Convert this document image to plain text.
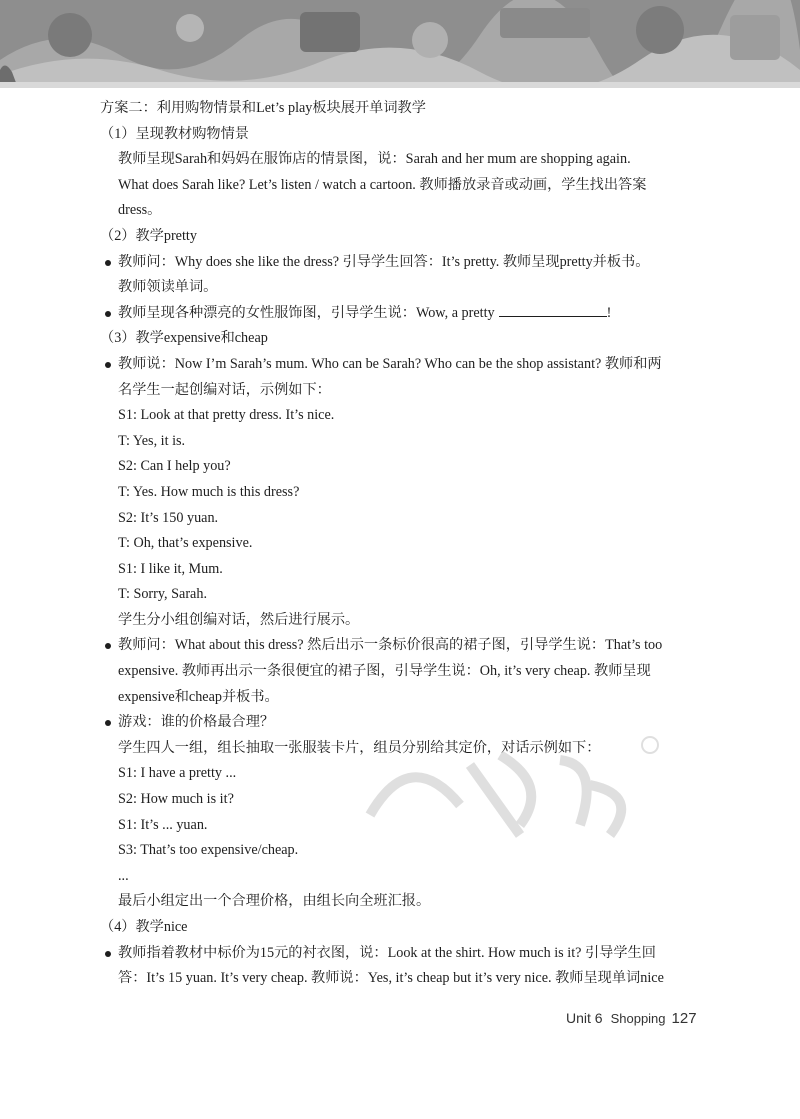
方案二：利用购物情景和Let’s play板块展开单词教学
（1）呈现教材购物情景
教师呈现Sarah和妈妈在服饰店的情景图，说：Sarah and her mum are shopping again.
What does Sarah like? Let’s listen / watch a cartoon. 教师播放录音或动画，学生找出答案
dress。
（2）教学pretty
教师问：Why does she like the dress? 引导学生回答：It’s pretty. 教师呈现pretty并板书。
教师领读单词。
教师呈现各种漂亮的女性服饰图，引导学生说：Wow, a pretty	!
（3）教学expensive和cheap
教师说：Now I’m Sarah’s mum. Who can be Sarah? Who can be the shop assistant? 教师和两
名学生一起创编对话，示例如下：
S1: Look at that pretty dress. It’s nice.
T: Yes, it is.
S2: Can I help you?
T: Yes. How much is this dress?
S2: It’s 150 yuan.
T: Oh, that’s expensive.
S1: I like it, Mum.
T: Sorry, Sarah.
学生分小组创编对话，然后进行展示。
教师问：What about this dress? 然后出示一条标价很高的裙子图，引导学生说：That’s too
expensive. 教师再出示一条很便宜的裙子图，引导学生说：Oh, it’s very cheap. 教师呈现
expensive和cheap并板书。
游戏：谁的价格最合理？
学生四人一组，组长抽取一张服装卡片，组员分别给其定价，对话示例如下：
S1: I have a pretty ...
S2: How much is it?
S1: It’s ... yuan.
S3: That’s too expensive/cheap.
...
最后小组定出一个合理价格，由组长向全班汇报。
（4）教学nice
教师指着教材中标价为15元的衬衣图，说：Look at the shirt. How much is it? 引导学生回
答：It’s 15 yuan. It’s very cheap. 教师说：Yes, it’s cheap but it’s very nice. 教师呈现单词nice
Unit 6 Shopping 127
